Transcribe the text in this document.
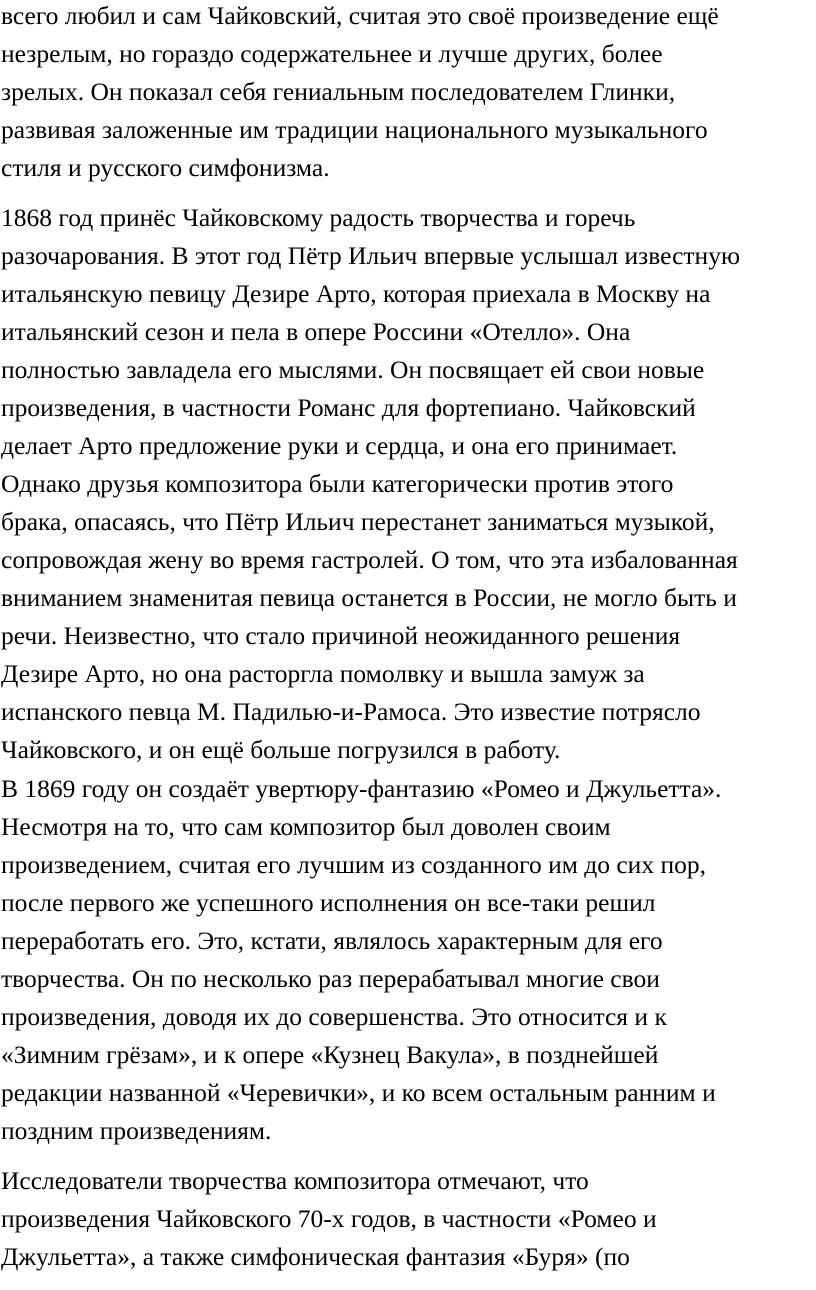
всего любил и сам Чайковский, считая это своё произведение ещё
незрелым, но гораздо содержательнее и лучше других, более
зрелых. Он показал себя гениальным последователем Глинки,
развивая заложенные им традиции национального музыкального
стиля и русского симфонизма.

1868 год принёс Чайковскому радость творчества и горечь
разочарования. В этот год Пётр Ильич впервые услышал известную
итальянскую певицу Дезире Арто, которая приехала в Москву на
итальянский сезон и пела в опере Россини «Отелло». Она
полностью завладела его мыслями. Он посвящает ей свои новые
произведения, в частности Романс для фортепиано. Чайковский
делает Арто предложение руки и сердца, и она его принимает.
Однако друзья композитора были категорически против этого
брака, опасаясь, что Пётр Ильич перестанет заниматься музыкой,
сопровождая жену во время гастролей. О том, что эта избалованная
вниманием знаменитая певица останется в России, не могло быть и
речи. Неизвестно, что стало причиной неожиданного решения
Дезире Арто, но она расторгла помолвку и вышла замуж за
испанского певца М. Падилью-и-Рамоса. Это известие потрясло
Чайковского, и он ещё больше погрузился в работу.

В 1869 году он создаёт увертюру-фантазию «Ромео и Джульетта».
Несмотря на то, что сам композитор был доволен своим
произведением, считая его лучшим из созданного им до сих пор,
после первого же успешного исполнения он все-таки решил
переработать его. Это, кстати, являлось характерным для его
творчества. Он по несколько раз перерабатывал многие свои
произведения, доводя их до совершенства. Это относится и к
«Зимним грёзам», и к опере «Кузнец Вакула», в позднейшей
редакции названной «Черевички», и ко всем остальным ранним и
поздним произведениям.

Исследователи творчества композитора отмечают, что
произведения Чайковского 70-х годов, в частности «Ромео и
Джульетта», а также симфоническая фантазия «Буря» (по
